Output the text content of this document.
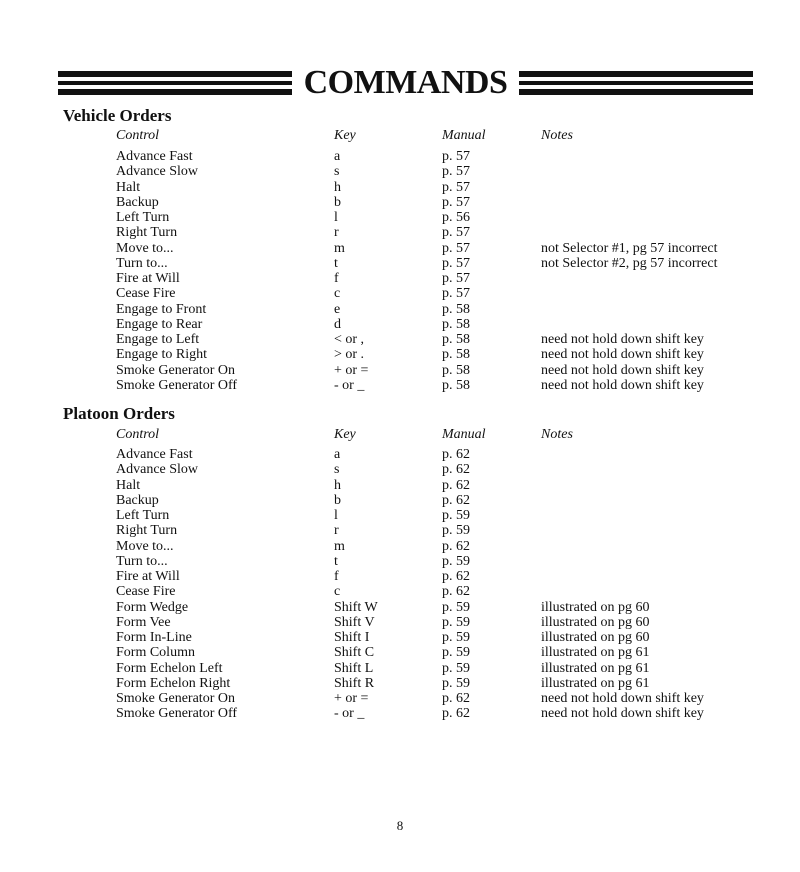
COMMANDS
Vehicle Orders
Control	Key	Manual	Notes
Advance Fast	a	p. 57
Advance Slow	s	p. 57
Halt	h	p. 57
Backup	b	p. 57
Left Turn	l	p. 56
Right Turn	r	p. 57
Move to...	m	p. 57	not Selector #1, pg 57 incorrect
Turn to...	t	p. 57	not Selector #2, pg 57 incorrect
Fire at Will	f	p. 57
Cease Fire	c	p. 57
Engage to Front	e	p. 58
Engage to Rear	d	p. 58
Engage to Left	< or ,	p. 58	need not hold down shift key
Engage to Right	> or .	p. 58	need not hold down shift key
Smoke Generator On	+ or =	p. 58	need not hold down shift key
Smoke Generator Off	- or _	p. 58	need not hold down shift key
Platoon Orders
Control	Key	Manual	Notes
Advance Fast	a	p. 62
Advance Slow	s	p. 62
Halt	h	p. 62
Backup	b	p. 62
Left Turn	l	p. 59
Right Turn	r	p. 59
Move to...	m	p. 62
Turn to...	t	p. 59
Fire at Will	f	p. 62
Cease Fire	c	p. 62
Form Wedge	Shift W	p. 59	illustrated on pg 60
Form Vee	Shift V	p. 59	illustrated on pg 60
Form In-Line	Shift I	p. 59	illustrated on pg 60
Form Column	Shift C	p. 59	illustrated on pg 61
Form Echelon Left	Shift L	p. 59	illustrated on pg 61
Form Echelon Right	Shift R	p. 59	illustrated on pg 61
Smoke Generator On	+ or =	p. 62	need not hold down shift key
Smoke Generator Off	- or _	p. 62	need not hold down shift key
8
